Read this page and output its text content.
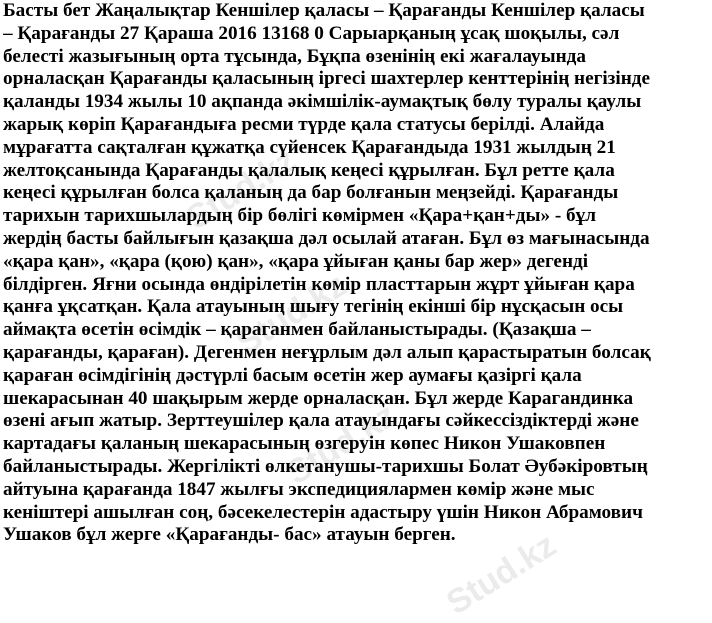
Stud.kz
Stud.kz
Stud.kz
Stud.kz

Басты бет Жаңалықтар Кеншілер қаласы – Қарағанды Кеншілер қаласы

– Қарағанды 27 Қараша 2016 13168 0 Сарыарқаның ұсақ шоқылы, сәл

белесті жазығының орта тұсында, Бұқпа өзенінің екі жағалауында

орналасқан Қарағанды қаласының іргесі шахтерлер кенттерінің негізінде

қаланды 1934 жылы 10 ақпанда әкімшілік-аумақтық бөлу туралы қаулы

жарық көріп Қарағандыға ресми түрде қала статусы берілді. Алайда

мұрағатта сақталған құжатқа сүйенсек Қарағандыда 1931 жылдың 21

желтоқсанында Қарағанды қалалық кеңесі құрылған. Бұл ретте қала

кеңесі құрылған болса қаланың да бар болғанын меңзейді. Қарағанды

тарихын тарихшылардың бір бөлігі көмірмен «Қара+қан+ды» - бұл

жердің басты байлығын қазақша дәл осылай атаған. Бұл өз мағынасында

«қара қан», «қара (қою) қан», «қара ұйыған қаны бар жер» дегенді

білдірген. Яғни осында өндірілетін көмір пласттарын жұрт ұйыған қара

қанға ұқсатқан. Қала атауының шығу тегінің екінші бір нұсқасын осы

аймақта өсетін өсімдік – қараганмен байланыстырады. (Қазақша –

қарағанды, қараған). Дегенмен неғұрлым дәл алып қарастыратын болсақ

қараған өсімдігінің дәстүрлі басым өсетін жер аумағы қазіргі қала

шекарасынан 40 шақырым жерде орналасқан. Бұл жерде Карагандинка

өзені ағып жатыр. Зерттеушілер қала атауындағы сәйкессіздіктерді және

картадағы қаланың шекарасының өзгеруін көпес Никон Ушаковпен

байланыстырады. Жергілікті өлкетанушы-тарихшы Болат Әубәкіровтың

айтуына қарағанда 1847 жылғы экспедициялармен көмір және мыс

кеніштері ашылған соң, бәсекелестерін адастыру үшін Никон Абрамович

Ушаков бұл жерге «Қарағанды- бас» атауын берген.
